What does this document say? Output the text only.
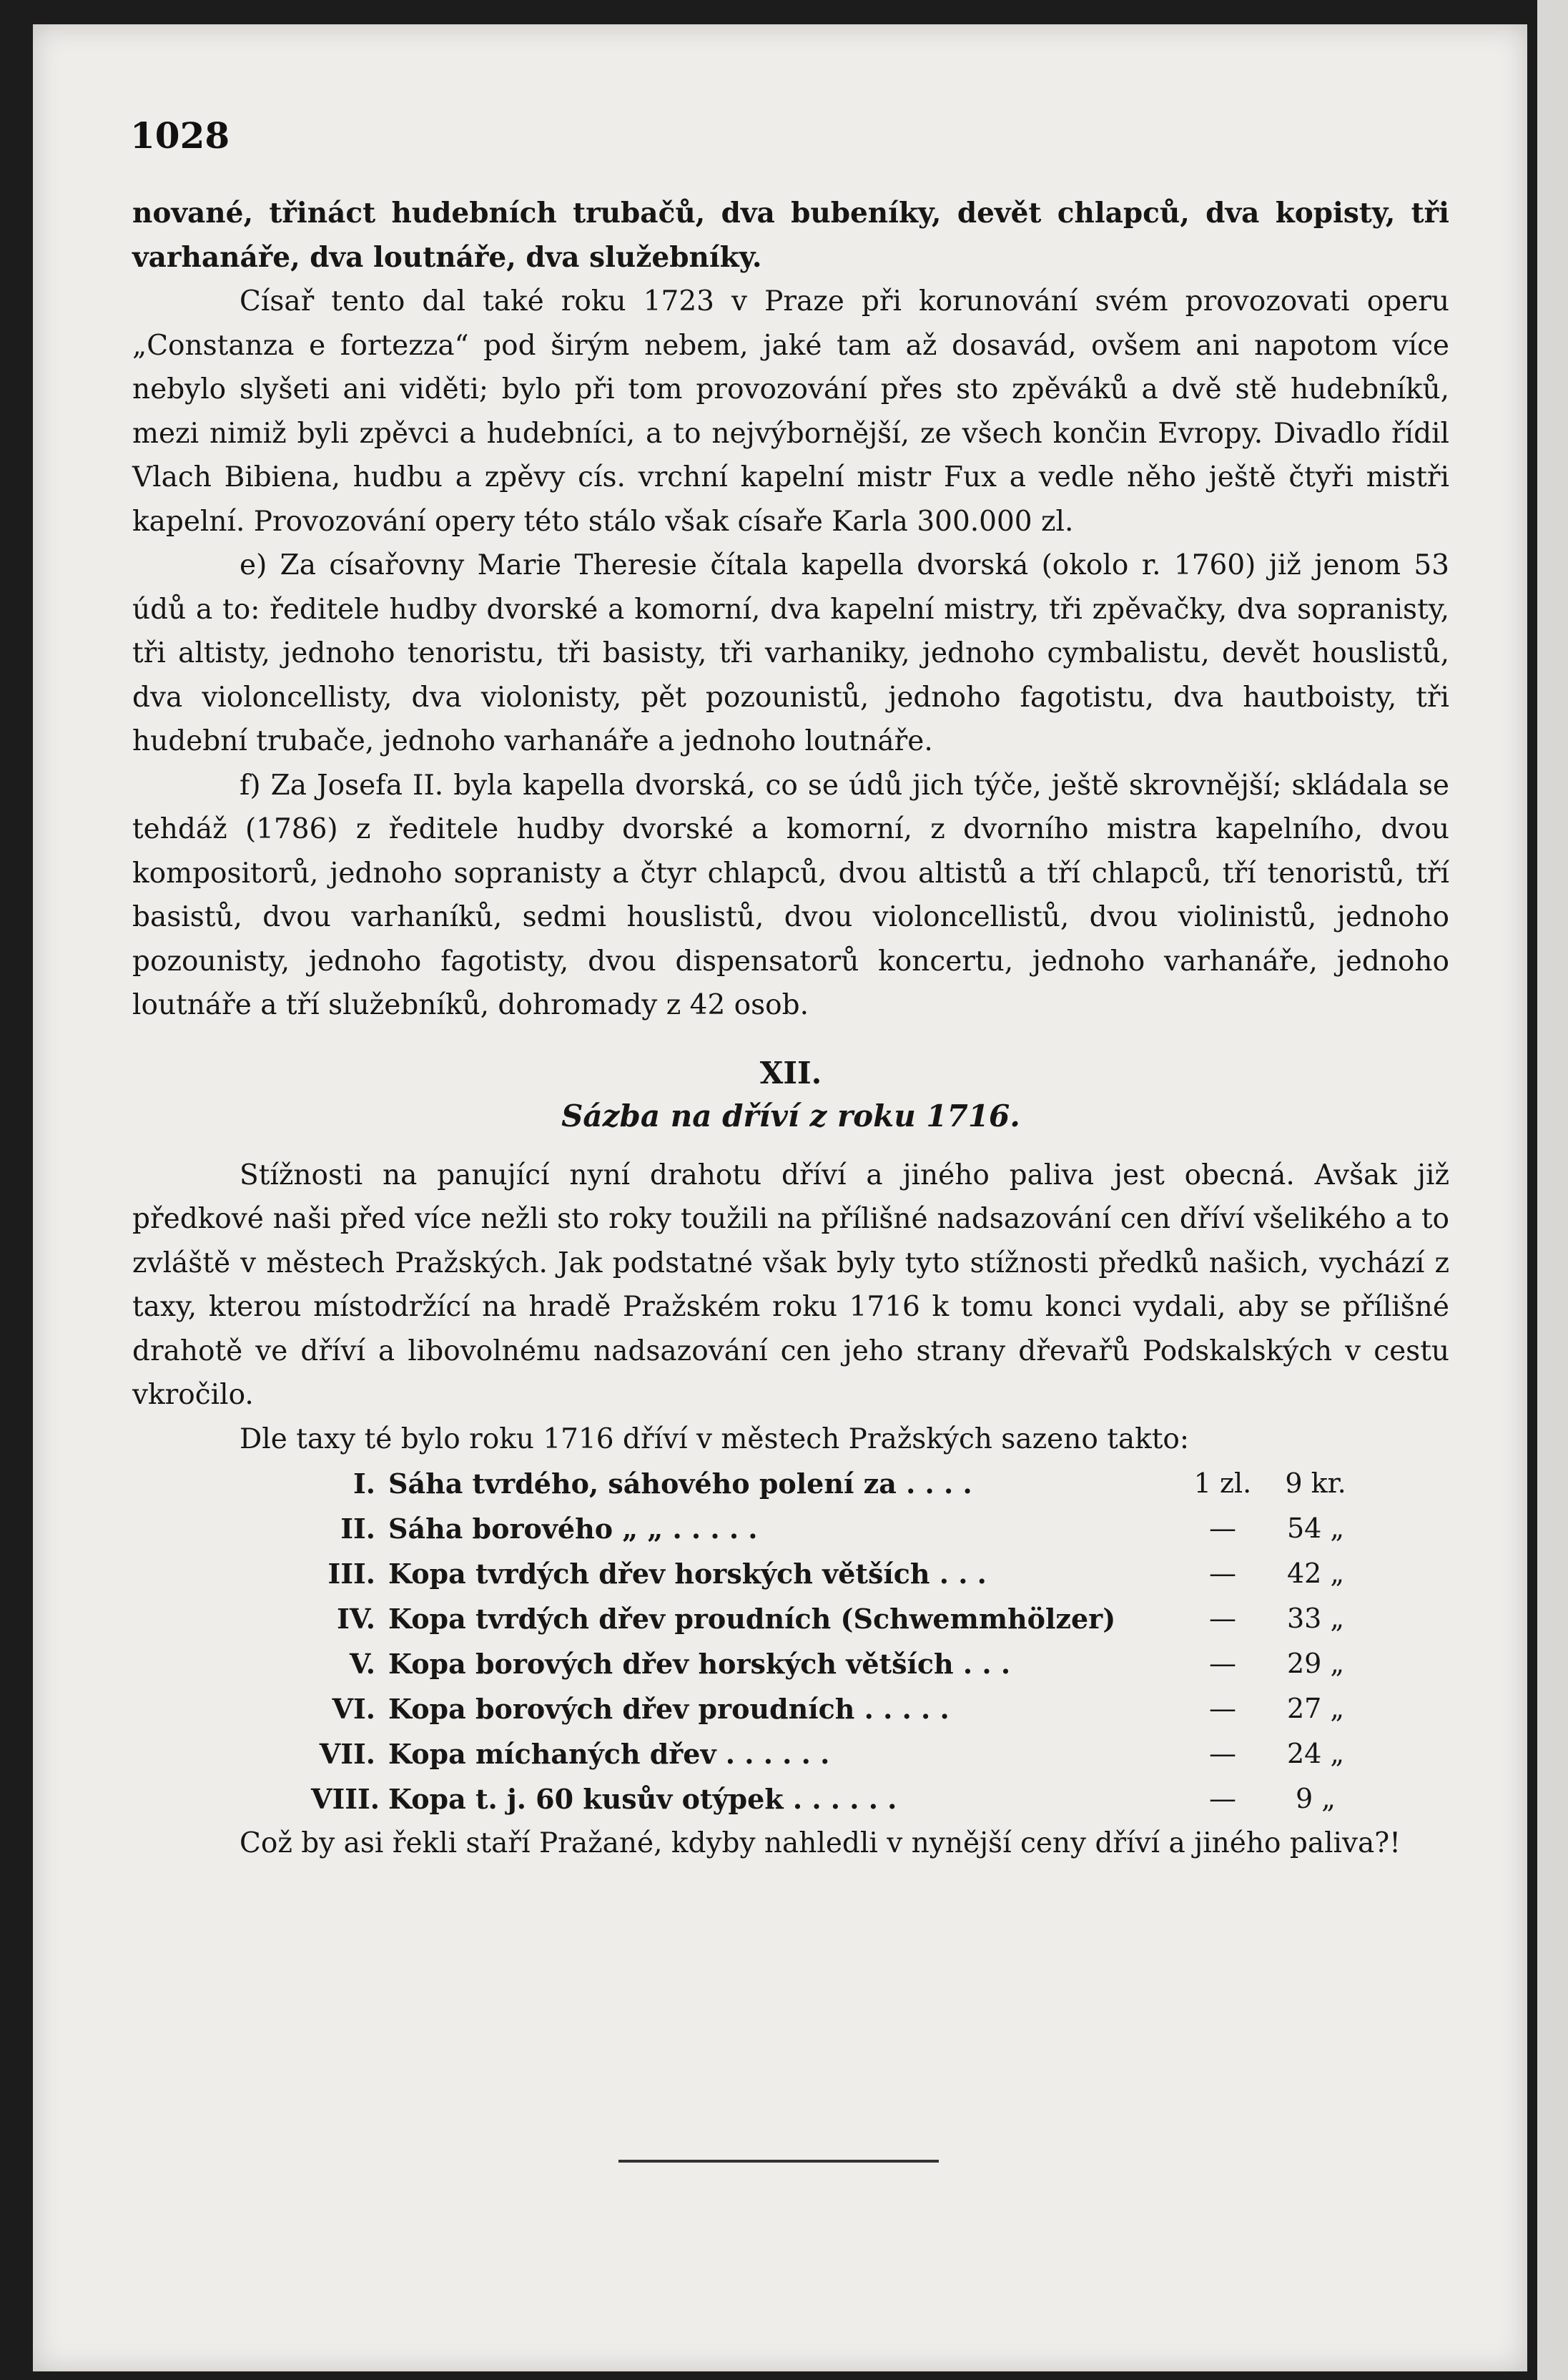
1028

nované, třináct hudebních trubačů, dva bubeníky, devět chlapců, dva kopisty, tři varhanáře, dva loutnáře, dva služebníky.

Císař tento dal také roku 1723 v Praze při korunování svém provozovati operu „Constanza e fortezza“ pod širým nebem, jaké tam až dosavád, ovšem ani napotom více nebylo slyšeti ani viděti; bylo při tom provozování přes sto zpěváků a dvě stě hudebníků, mezi nimiž byli zpěvci a hudebníci, a to nejvýbornější, ze všech končin Evropy. Divadlo řídil Vlach Bibiena, hudbu a zpěvy cís. vrchní kapelní mistr Fux a vedle něho ještě čtyři mistři kapelní. Provozování opery této stálo však císaře Karla 300.000 zl.

e) Za císařovny Marie Theresie čítala kapella dvorská (okolo r. 1760) již jenom 53 údů a to: ředitele hudby dvorské a komorní, dva kapelní mistry, tři zpěvačky, dva sopranisty, tři altisty, jednoho tenoristu, tři basisty, tři varhaniky, jednoho cymbalistu, devět houslistů, dva violoncellisty, dva violonisty, pět pozounistů, jednoho fagotistu, dva hautboisty, tři hudební trubače, jednoho varhanáře a jednoho loutnáře.

f) Za Josefa II. byla kapella dvorská, co se údů jich týče, ještě skrovnější; skládala se tehdáž (1786) z ředitele hudby dvorské a komorní, z dvorního mistra kapelního, dvou kompositorů, jednoho sopranisty a čtyr chlapců, dvou altistů a tří chlapců, tří tenoristů, tří basistů, dvou varhaníků, sedmi houslistů, dvou violoncellistů, dvou violinistů, jednoho pozounisty, jednoho fagotisty, dvou dispensatorů koncertu, jednoho varhanáře, jednoho loutnáře a tří služebníků, dohromady z 42 osob.

XII.

Sázba na dříví z roku 1716.

Stížnosti na panující nyní drahotu dříví a jiného paliva jest obecná. Avšak již předkové naši před více nežli sto roky toužili na přílišné nadsazování cen dříví všelikého a to zvláště v městech Pražských. Jak podstatné však byly tyto stížnosti předků našich, vychází z taxy, kterou místodržící na hradě Pražském roku 1716 k tomu konci vydali, aby se přílišné drahotě ve dříví a libovolnému nadsazování cen jeho strany dřevařů Podskalských v cestu vkročilo.

Dle taxy té bylo roku 1716 dříví v městech Pražských sazeno takto:

I. Sáha tvrdého, sáhového polení za . . . .	1 zl.	9 kr.
II. Sáha borového „ „ . . . . .	—	54 „
III. Kopa tvrdých dřev horských větších . . .	—	42 „
IV. Kopa tvrdých dřev proudních (Schwemmhölzer)	—	33 „
V. Kopa borových dřev horských větších . . .	—	29 „
VI. Kopa borových dřev proudních . . . . .	—	27 „
VII. Kopa míchaných dřev . . . . . .	—	24 „
VIII. Kopa t. j. 60 kusův otýpek . . . . . .	—	9 „

Což by asi řekli staří Pražané, kdyby nahledli v nynější ceny dříví a jiného paliva?!
